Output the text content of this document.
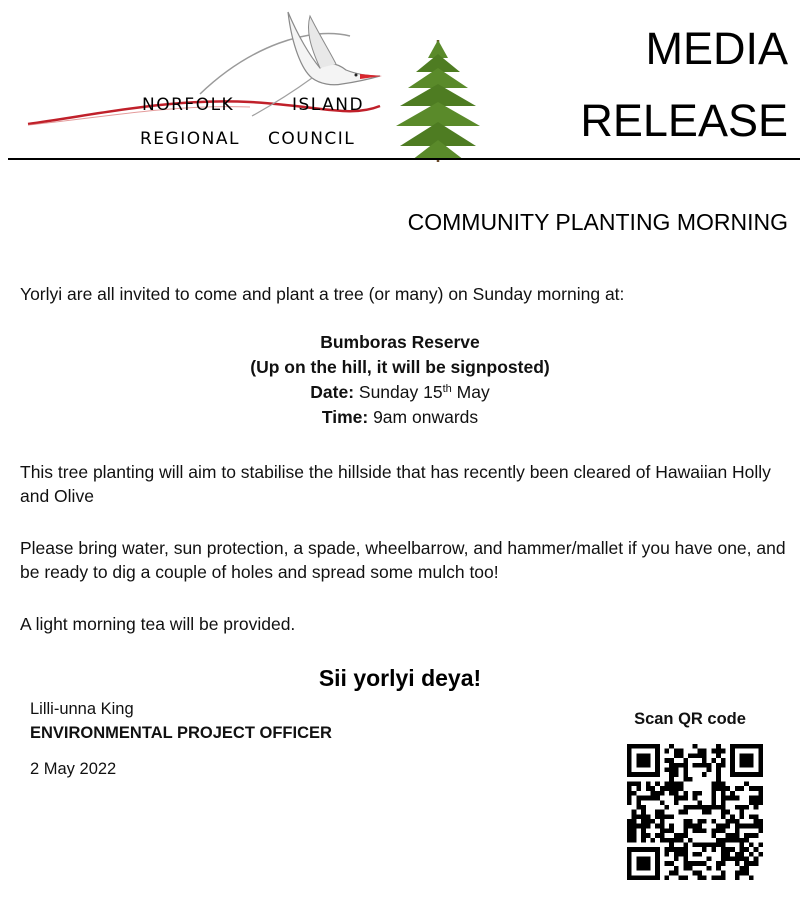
NORFOLK	ISLAND
REGIONAL COUNCIL
MEDIA
RELEASE
COMMUNITY PLANTING MORNING
Yorlyi are all invited to come and plant a tree (or many) on Sunday morning at:
Bumboras Reserve
(Up on the hill, it will be signposted)
Date: Sunday 15th May
Time: 9am onwards
This tree planting will aim to stabilise the hillside that has recently been cleared of Hawaiian Holly and Olive
Please bring water, sun protection, a spade, wheelbarrow, and hammer/mallet if you have one, and be ready to dig a couple of holes and spread some mulch too!
A light morning tea will be provided.
Sii yorlyi deya!
Lilli-unna King
ENVIRONMENTAL PROJECT OFFICER
2 May 2022
Scan QR code
